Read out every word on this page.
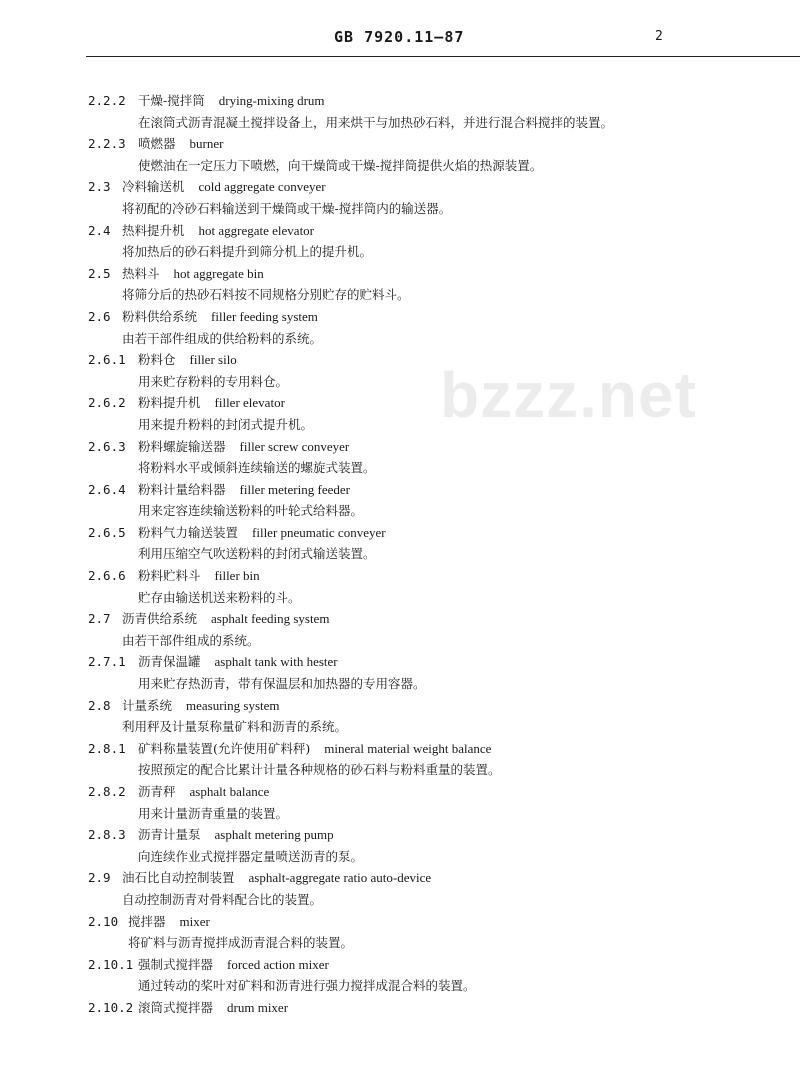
GB 7920.11—87	2
bzzz.net
2.2.2 干燥-搅拌筒 drying-mixing drum
在滚筒式沥青混凝土搅拌设备上，用来烘干与加热砂石料，并进行混合料搅拌的装置。
2.2.3 喷燃器 burner
使燃油在一定压力下喷燃，向干燥筒或干燥-搅拌筒提供火焰的热源装置。
2.3 冷料输送机 cold aggregate conveyer
将初配的冷砂石料输送到干燥筒或干燥-搅拌筒内的输送器。
2.4 热料提升机 hot aggregate elevator
将加热后的砂石料提升到筛分机上的提升机。
2.5 热料斗 hot aggregate bin
将筛分后的热砂石料按不同规格分别贮存的贮料斗。
2.6 粉料供给系统 filler feeding system
由若干部件组成的供给粉料的系统。
2.6.1 粉料仓 filler silo
用来贮存粉料的专用料仓。
2.6.2 粉料提升机 filler elevator
用来提升粉料的封闭式提升机。
2.6.3 粉料螺旋输送器 filler screw conveyer
将粉料水平或倾斜连续输送的螺旋式装置。
2.6.4 粉料计量给料器 filler metering feeder
用来定容连续输送粉料的叶轮式给料器。
2.6.5 粉料气力输送装置 filler pneumatic conveyer
利用压缩空气吹送粉料的封闭式输送装置。
2.6.6 粉料贮料斗 filler bin
贮存由输送机送来粉料的斗。
2.7 沥青供给系统 asphalt feeding system
由若干部件组成的系统。
2.7.1 沥青保温罐 asphalt tank with hester
用来贮存热沥青，带有保温层和加热器的专用容器。
2.8 计量系统 measuring system
利用秤及计量泵称量矿料和沥青的系统。
2.8.1 矿料称量装置(允许使用矿料秤) mineral material weight balance
按照预定的配合比累计计量各种规格的砂石料与粉料重量的装置。
2.8.2 沥青秤 asphalt balance
用来计量沥青重量的装置。
2.8.3 沥青计量泵 asphalt metering pump
向连续作业式搅拌器定量喷送沥青的泵。
2.9 油石比自动控制装置 asphalt-aggregate ratio auto-device
自动控制沥青对骨料配合比的装置。
2.10 搅拌器 mixer
将矿料与沥青搅拌成沥青混合料的装置。
2.10.1 强制式搅拌器 forced action mixer
通过转动的桨叶对矿料和沥青进行强力搅拌成混合料的装置。
2.10.2 滚筒式搅拌器 drum mixer
